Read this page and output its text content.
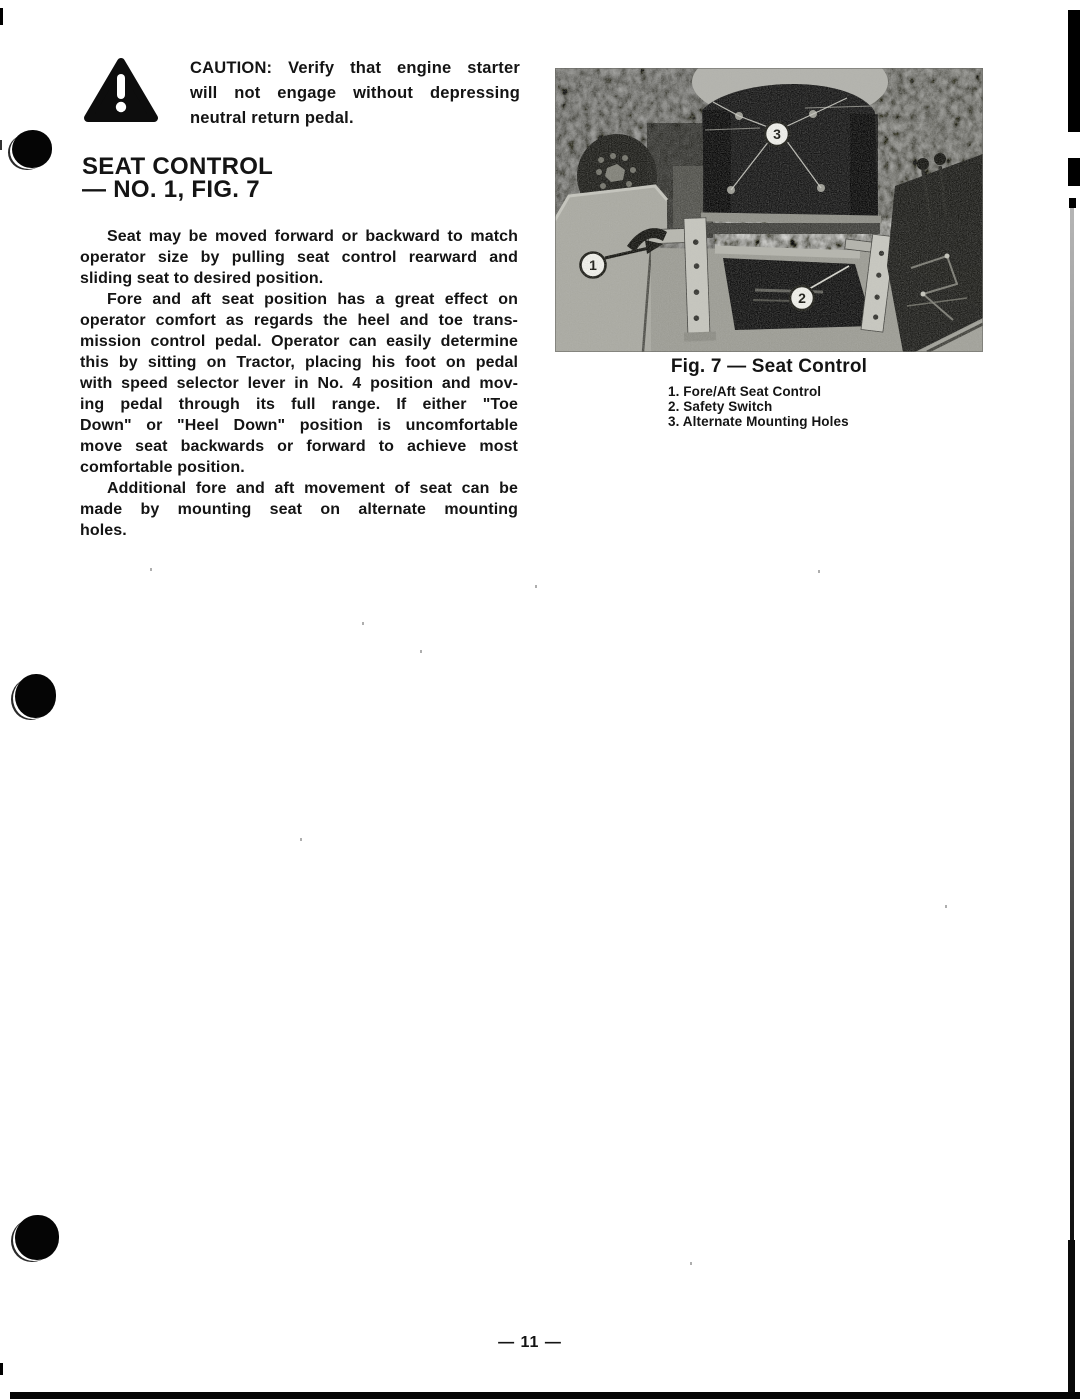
CAUTION: Verify that engine starter
will not engage without depressing
neutral return pedal.
SEAT CONTROL
— NO. 1, FIG. 7
Seat may be moved forward or backward to match
operator size by pulling seat control rearward and
sliding seat to desired position.
Fore and aft seat position has a great effect on
operator comfort as regards the heel and toe trans-
mission control pedal. Operator can easily determine
this by sitting on Tractor, placing his foot on pedal
with speed selector lever in No. 4 position and mov-
ing pedal through its full range. If either "Toe
Down" or "Heel Down" position is uncomfortable
move seat backwards or forward to achieve most
comfortable position.
Additional fore and aft movement of seat can be
made by mounting seat on alternate mounting
holes.
Fig. 7 — Seat Control
1. Fore/Aft Seat Control
2. Safety Switch
3. Alternate Mounting Holes
— 11 —
